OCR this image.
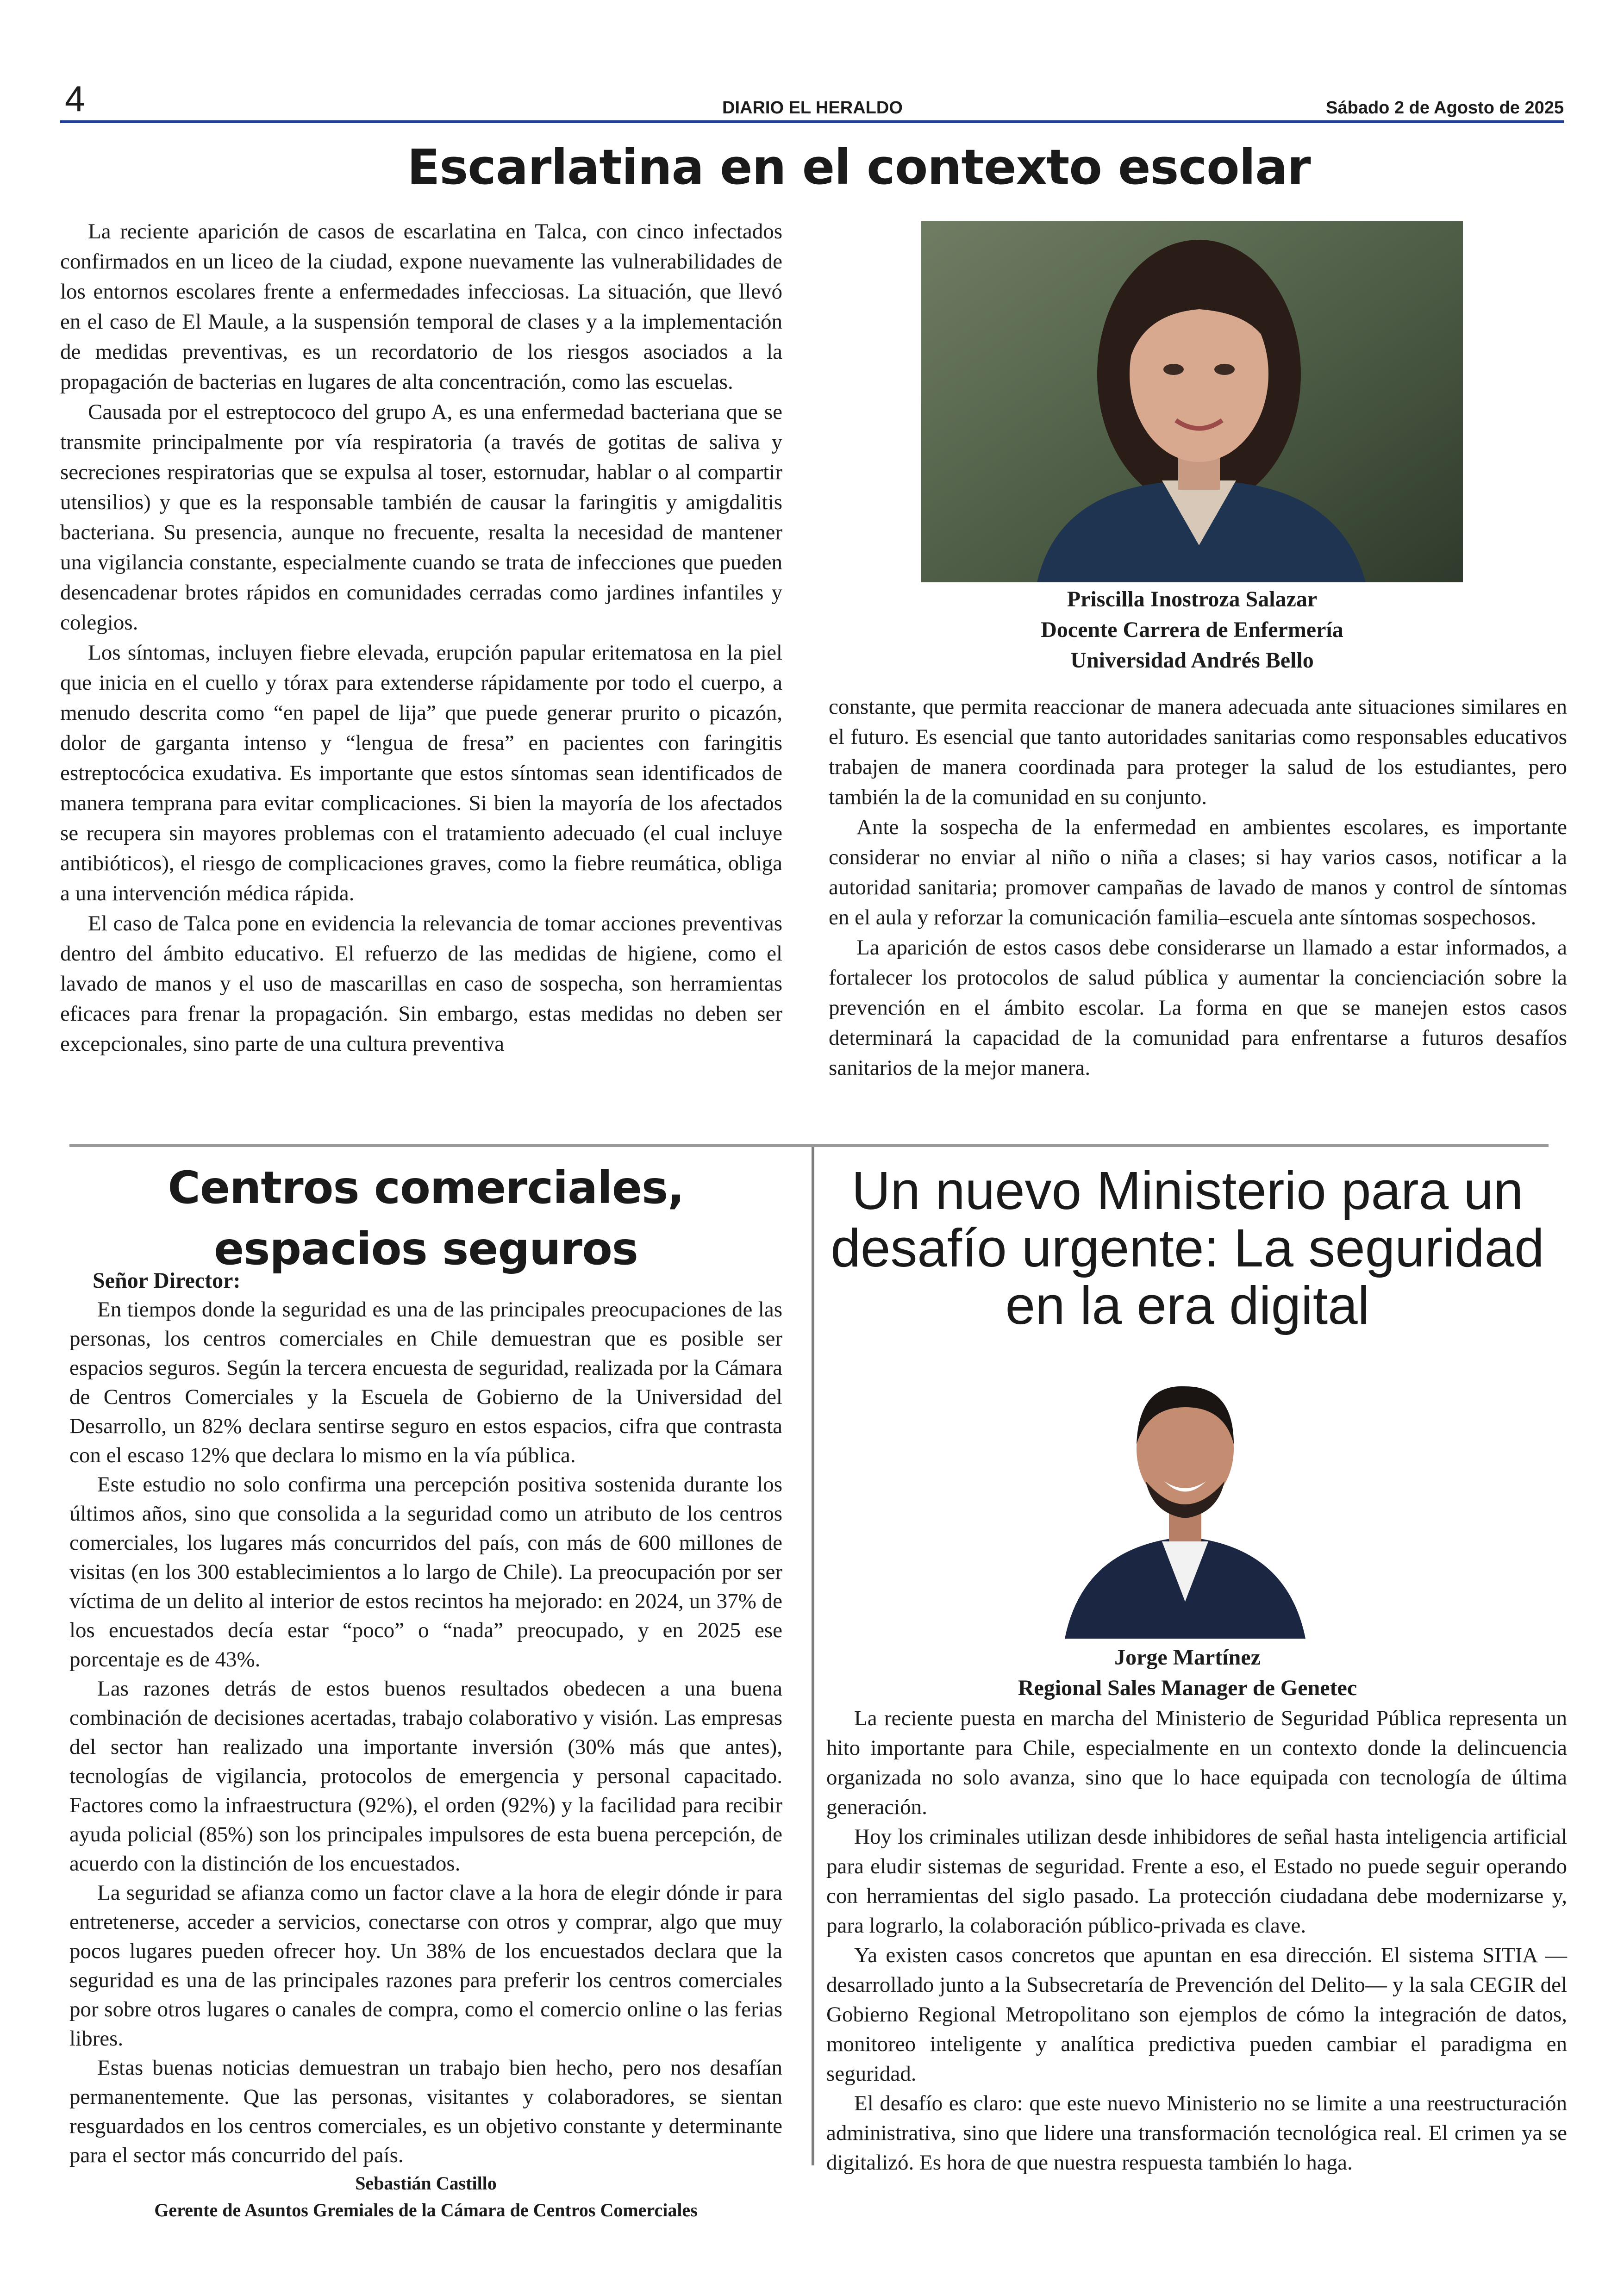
4	DIARIO EL HERALDO	Sábado 2 de Agosto de 2025
Escarlatina en el contexto escolar

La reciente aparición de casos de escarlatina en Talca, con cinco infectados confirmados en un liceo de la ciudad, expone nuevamente las vulnerabilidades de los entornos escolares frente a enfermedades infecciosas. La situación, que llevó en el caso de El Maule, a la suspensión temporal de clases y a la implementación de medidas preventivas, es un recordatorio de los riesgos asociados a la propagación de bacterias en lugares de alta concentración, como las escuelas.

Causada por el estreptococo del grupo A, es una enfermedad bacteriana que se transmite principalmente por vía respiratoria (a través de gotitas de saliva y secreciones respiratorias que se expulsa al toser, estornudar, hablar o al compartir utensilios) y que es la responsable también de causar la faringitis y amigdalitis bacteriana. Su presencia, aunque no frecuente, resalta la necesidad de mantener una vigilancia constante, especialmente cuando se trata de infecciones que pueden desencadenar brotes rápidos en comunidades cerradas como jardines infantiles y colegios.

Los síntomas, incluyen fiebre elevada, erupción papular eritematosa en la piel que inicia en el cuello y tórax para extenderse rápidamente por todo el cuerpo, a menudo descrita como “en papel de lija” que puede generar prurito o picazón, dolor de garganta intenso y “lengua de fresa” en pacientes con faringitis estreptocócica exudativa. Es importante que estos síntomas sean identificados de manera temprana para evitar complicaciones. Si bien la mayoría de los afectados se recupera sin mayores problemas con el tratamiento adecuado (el cual incluye antibióticos), el riesgo de complicaciones graves, como la fiebre reumática, obliga a una intervención médica rápida.

El caso de Talca pone en evidencia la relevancia de tomar acciones preventivas dentro del ámbito educativo. El refuerzo de las medidas de higiene, como el lavado de manos y el uso de mascarillas en caso de sospecha, son herramientas eficaces para frenar la propagación. Sin embargo, estas medidas no deben ser excepcionales, sino parte de una cultura preventiva

Priscilla Inostroza Salazar
Docente Carrera de Enfermería
Universidad Andrés Bello

constante, que permita reaccionar de manera adecuada ante situaciones similares en el futuro. Es esencial que tanto autoridades sanitarias como responsables educativos trabajen de manera coordinada para proteger la salud de los estudiantes, pero también la de la comunidad en su conjunto.

Ante la sospecha de la enfermedad en ambientes escolares, es importante considerar no enviar al niño o niña a clases; si hay varios casos, notificar a la autoridad sanitaria; promover campañas de lavado de manos y control de síntomas en el aula y reforzar la comunicación familia–escuela ante síntomas sospechosos.

La aparición de estos casos debe considerarse un llamado a estar informados, a fortalecer los protocolos de salud pública y aumentar la concienciación sobre la prevención en el ámbito escolar. La forma en que se manejen estos casos determinará la capacidad de la comunidad para enfrentarse a futuros desafíos sanitarios de la mejor manera.

Centros comerciales, espacios seguros
Señor Director:

En tiempos donde la seguridad es una de las principales preocupaciones de las personas, los centros comerciales en Chile demuestran que es posible ser espacios seguros. Según la tercera encuesta de seguridad, realizada por la Cámara de Centros Comerciales y la Escuela de Gobierno de la Universidad del Desarrollo, un 82% declara sentirse seguro en estos espacios, cifra que contrasta con el escaso 12% que declara lo mismo en la vía pública.

Este estudio no solo confirma una percepción positiva sostenida durante los últimos años, sino que consolida a la seguridad como un atributo de los centros comerciales, los lugares más concurridos del país, con más de 600 millones de visitas (en los 300 establecimientos a lo largo de Chile). La preocupación por ser víctima de un delito al interior de estos recintos ha mejorado: en 2024, un 37% de los encuestados decía estar “poco” o “nada” preocupado, y en 2025 ese porcentaje es de 43%.

Las razones detrás de estos buenos resultados obedecen a una buena combinación de decisiones acertadas, trabajo colaborativo y visión. Las empresas del sector han realizado una importante inversión (30% más que antes), tecnologías de vigilancia, protocolos de emergencia y personal capacitado. Factores como la infraestructura (92%), el orden (92%) y la facilidad para recibir ayuda policial (85%) son los principales impulsores de esta buena percepción, de acuerdo con la distinción de los encuestados.

La seguridad se afianza como un factor clave a la hora de elegir dónde ir para entretenerse, acceder a servicios, conectarse con otros y comprar, algo que muy pocos lugares pueden ofrecer hoy. Un 38% de los encuestados declara que la seguridad es una de las principales razones para preferir los centros comerciales por sobre otros lugares o canales de compra, como el comercio online o las ferias libres.

Estas buenas noticias demuestran un trabajo bien hecho, pero nos desafían permanentemente. Que las personas, visitantes y colaboradores, se sientan resguardados en los centros comerciales, es un objetivo constante y determinante para el sector más concurrido del país.

Sebastián Castillo
Gerente de Asuntos Gremiales de la Cámara de Centros Comerciales
Un nuevo Ministerio para un desafío urgente: La seguridad en la era digital
Jorge Martínez
Regional Sales Manager de Genetec

La reciente puesta en marcha del Ministerio de Seguridad Pública representa un hito importante para Chile, especialmente en un contexto donde la delincuencia organizada no solo avanza, sino que lo hace equipada con tecnología de última generación.

Hoy los criminales utilizan desde inhibidores de señal hasta inteligencia artificial para eludir sistemas de seguridad. Frente a eso, el Estado no puede seguir operando con herramientas del siglo pasado. La protección ciudadana debe modernizarse y, para lograrlo, la colaboración público-privada es clave.

Ya existen casos concretos que apuntan en esa dirección. El sistema SITIA —desarrollado junto a la Subsecretaría de Prevención del Delito— y la sala CEGIR del Gobierno Regional Metropolitano son ejemplos de cómo la integración de datos, monitoreo inteligente y analítica predictiva pueden cambiar el paradigma en seguridad.

El desafío es claro: que este nuevo Ministerio no se limite a una reestructuración administrativa, sino que lidere una transformación tecnológica real. El crimen ya se digitalizó. Es hora de que nuestra respuesta también lo haga.
